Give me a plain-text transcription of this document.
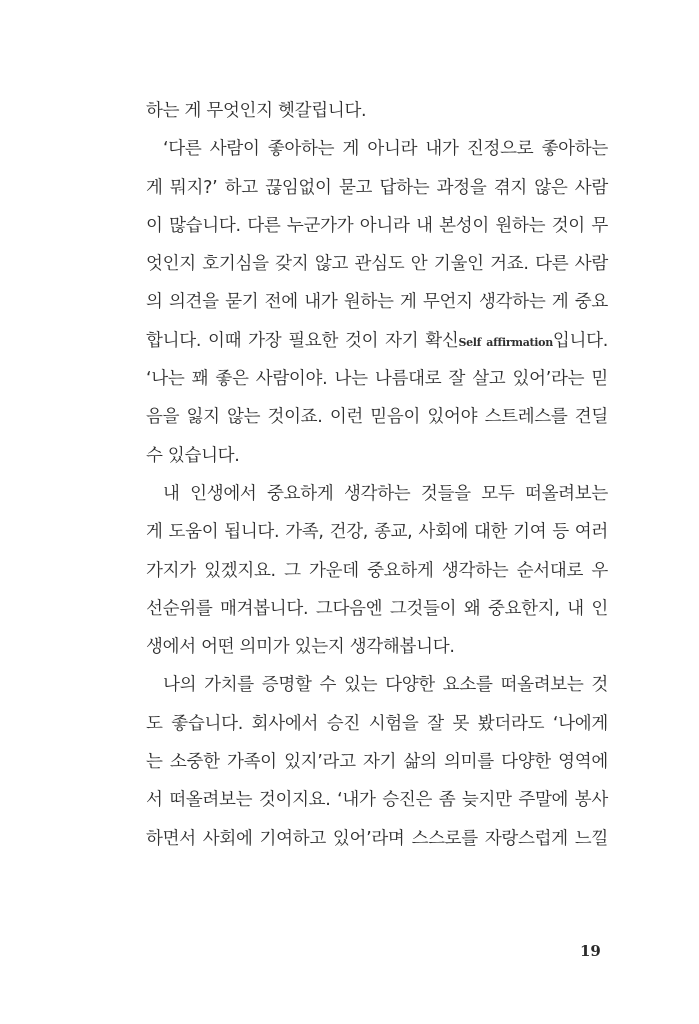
하는 게 무엇인지 헷갈립니다.
‘다른 사람이 좋아하는 게 아니라 내가 진정으로 좋아하는
게 뭐지?’ 하고 끊임없이 묻고 답하는 과정을 겪지 않은 사람
이 많습니다. 다른 누군가가 아니라 내 본성이 원하는 것이 무
엇인지 호기심을 갖지 않고 관심도 안 기울인 거죠. 다른 사람
의 의견을 묻기 전에 내가 원하는 게 무언지 생각하는 게 중요
합니다. 이때 가장 필요한 것이 자기 확신Self affirmation입니다.
‘나는 꽤 좋은 사람이야. 나는 나름대로 잘 살고 있어’라는 믿
음을 잃지 않는 것이죠. 이런 믿음이 있어야 스트레스를 견딜
수 있습니다.
내 인생에서 중요하게 생각하는 것들을 모두 떠올려보는
게 도움이 됩니다. 가족, 건강, 종교, 사회에 대한 기여 등 여러
가지가 있겠지요. 그 가운데 중요하게 생각하는 순서대로 우
선순위를 매겨봅니다. 그다음엔 그것들이 왜 중요한지, 내 인
생에서 어떤 의미가 있는지 생각해봅니다.
나의 가치를 증명할 수 있는 다양한 요소를 떠올려보는 것
도 좋습니다. 회사에서 승진 시험을 잘 못 봤더라도 ‘나에게
는 소중한 가족이 있지’라고 자기 삶의 의미를 다양한 영역에
서 떠올려보는 것이지요. ‘내가 승진은 좀 늦지만 주말에 봉사
하면서 사회에 기여하고 있어’라며 스스로를 자랑스럽게 느낄
19
